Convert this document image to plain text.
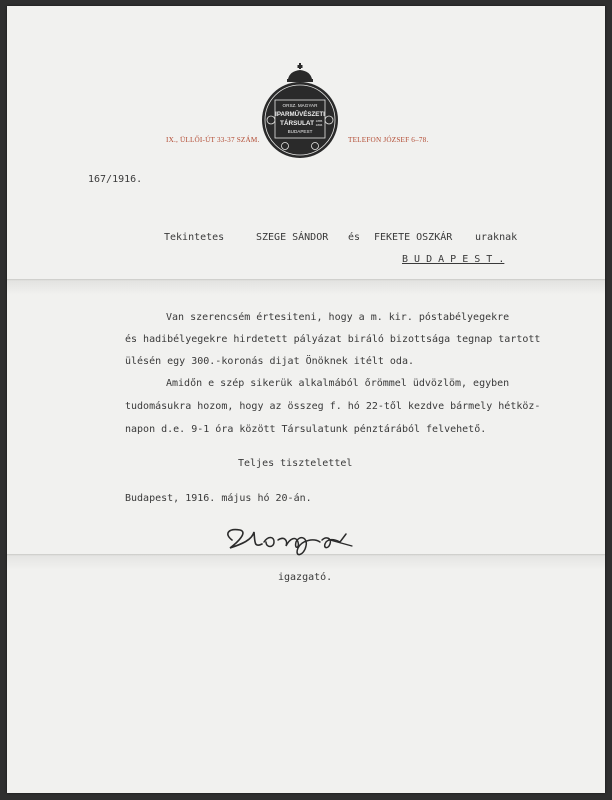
IX., ÜLLŐI-ÚT 33-37 SZÁM.	TELEFON JÓZSEF 6–78.
ORSZ. MAGYAR
IPARMŰVÉSZETI
TÁRSULAT 1885
1896
BUDAPEST
167/1916.
Tekintetes	SZEGE SÁNDOR és FEKETE OSZKÁR uraknak
B U D A P E S T .
Van szerencsém értesiteni, hogy a m. kir. póstabélyegekre
és hadibélyegekre hirdetett pályázat biráló bizottsága tegnap tartott
ülésén egy 300.-koronás dijat Önöknek itélt oda.
Amidőn e szép sikerük alkalmából őrömmel üdvözlöm, egyben
tudomásukra hozom, hogy az összeg f. hó 22-től kezdve bármely hétköz-
napon d.e. 9-1 óra között Társulatunk pénztárából felvehető.
Teljes tisztelettel
Budapest, 1916. május hó 20-án.
igazgató.
